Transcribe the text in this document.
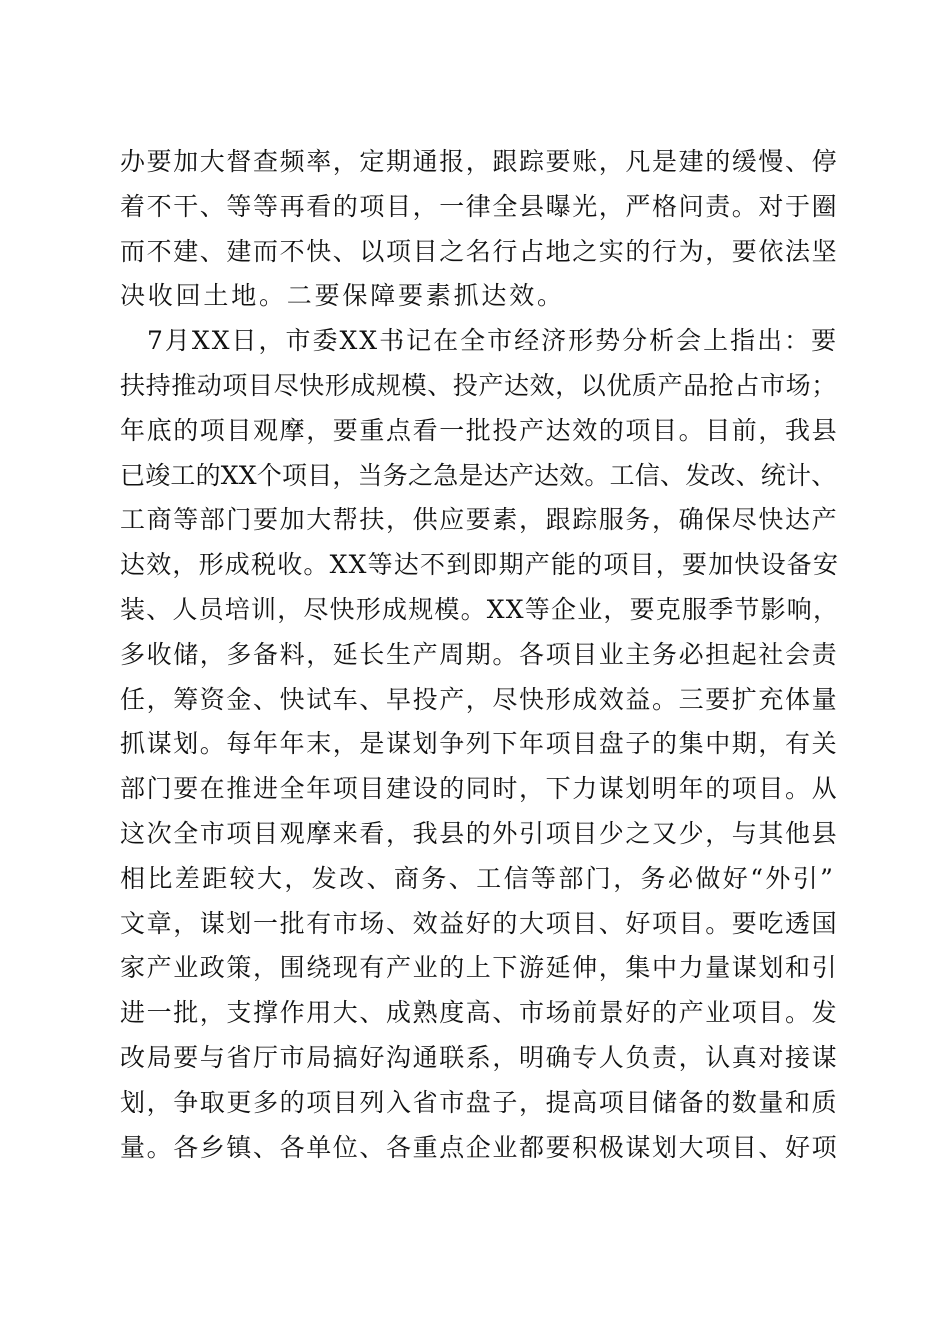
办要加大督查频率，定期通报，跟踪要账，凡是建的缓慢、停
着不干、等等再看的项目，一律全县曝光，严格问责。对于圈
而不建、建而不快、以项目之名行占地之实的行为，要依法坚
决收回土地。二要保障要素抓达效。
　7月XX日，市委XX书记在全市经济形势分析会上指出：要
扶持推动项目尽快形成规模、投产达效，以优质产品抢占市场；
年底的项目观摩，要重点看一批投产达效的项目。目前，我县
已竣工的XX个项目，当务之急是达产达效。工信、发改、统计、
工商等部门要加大帮扶，供应要素，跟踪服务，确保尽快达产
达效，形成税收。XX等达不到即期产能的项目，要加快设备安
装、人员培训，尽快形成规模。XX等企业，要克服季节影响，
多收储，多备料，延长生产周期。各项目业主务必担起社会责
任，筹资金、快试车、早投产，尽快形成效益。三要扩充体量
抓谋划。每年年末，是谋划争列下年项目盘子的集中期，有关
部门要在推进全年项目建设的同时，下力谋划明年的项目。从
这次全市项目观摩来看，我县的外引项目少之又少，与其他县
相比差距较大，发改、商务、工信等部门，务必做好“外引”
文章，谋划一批有市场、效益好的大项目、好项目。要吃透国
家产业政策，围绕现有产业的上下游延伸，集中力量谋划和引
进一批，支撑作用大、成熟度高、市场前景好的产业项目。发
改局要与省厅市局搞好沟通联系，明确专人负责，认真对接谋
划，争取更多的项目列入省市盘子，提高项目储备的数量和质
量。各乡镇、各单位、各重点企业都要积极谋划大项目、好项
